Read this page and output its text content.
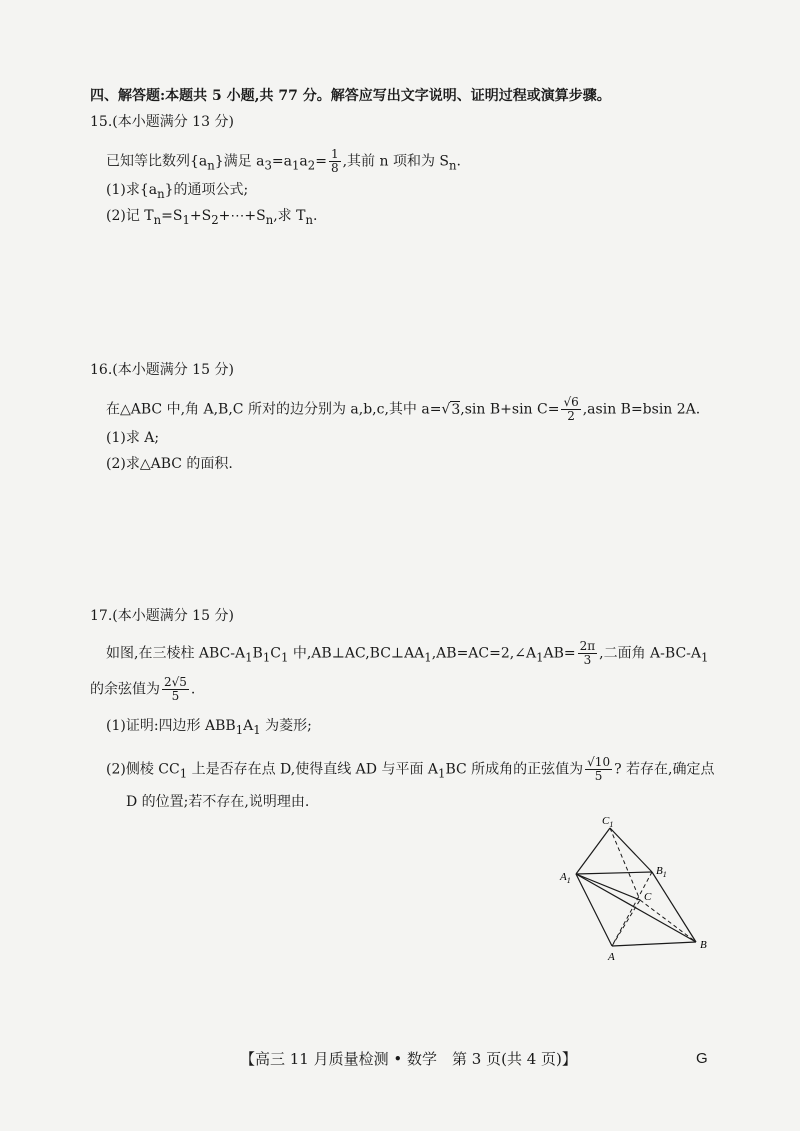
四、解答题:本题共 5 小题,共 77 分。解答应写出文字说明、证明过程或演算步骤。
15.(本小题满分 13 分)
已知等比数列$\{a_n\}$满足 $a_3=a_1a_2= \frac{1}{8}$ ,其前 n 项和为 $S_n$.
(1)求$\{a_n\}$的通项公式;
(2)记 $T_n=S_1+S_2+\cdots+S_n$,求 $T_n$.
16.(本小题满分 15 分)
在△ABC 中,角 A,B,C 所对的边分别为 a,b,c,其中 a=√3,sin B+sin $C= \frac{√6}{2} ,asin$ B=bsin 2A.
(1)求 A;
(2)求△ABC 的面积.
17.(本小题满分 15 分)
如图,在三棱柱 ABC-$A_1B_1C_1$ 中$,AB\perp AC,BC\perp AA_1,AB=AC=2,\angle A_1AB= \frac{2\pi}{3}$ ,二面角 $A-BC-A_1$
的余弦值为 $\frac{2√5}{5}$ .
(1)证明:四边形 $ABB_1A_1$ 为菱形;
(2)侧棱 $CC_1$ 上是否存在点 D,使得直线 AD 与平面 $A_1BC$ 所成角的正弦值为 $\frac{√10}{5}$ ? 若存在,确定点
D 的位置;若不存在,说明理由.
$C_1$
$B_1$
$A_1$
C
A
B
【高三 11 月质量检测 • 数学　第 3 页(共 4 页)】	G
